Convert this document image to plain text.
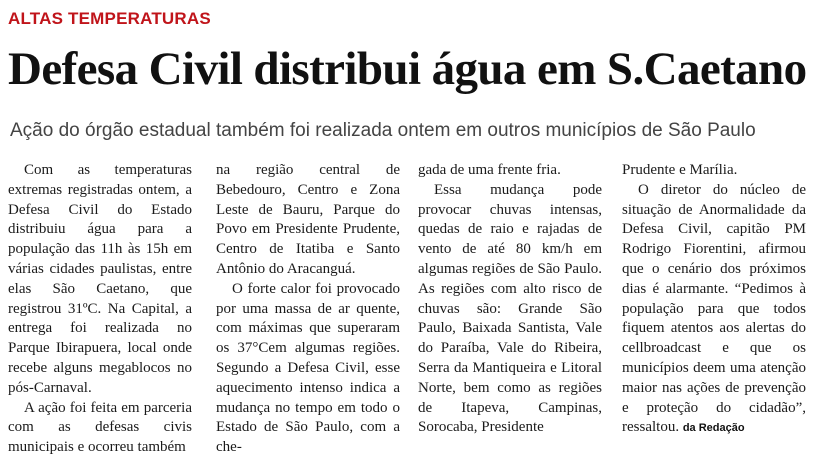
ALTAS TEMPERATURAS
Defesa Civil distribui água em S.Caetano
Ação do órgão estadual também foi realizada ontem em outros municípios de São Paulo

Com as temperaturas extremas registradas ontem, a Defesa Civil do Estado distribuiu água para a população das 11h às 15h em várias cidades paulistas, entre elas São Caetano, que registrou 31ºC. Na Capital, a entrega foi realizada no Parque Ibirapuera, local onde recebe alguns megablocos no pós-Carnaval.

A ação foi feita em parceria com as defesas civis municipais e ocorreu também

na região central de Bebedouro, Centro e Zona Leste de Bauru, Parque do Povo em Presidente Prudente, Centro de Itatiba e Santo Antônio do Aracanguá.

O forte calor foi provocado por uma massa de ar quente, com máximas que superaram os 37°Cem algumas regiões. Segundo a Defesa Civil, esse aquecimento intenso indica a mudança no tempo em todo o Estado de São Paulo, com a che-

gada de uma frente fria.

Essa mudança pode provocar chuvas intensas, quedas de raio e rajadas de vento de até 80 km/h em algumas regiões de São Paulo. As regiões com alto risco de chuvas são: Grande São Paulo, Baixada Santista, Vale do Paraíba, Vale do Ribeira, Serra da Mantiqueira e Litoral Norte, bem como as regiões de Itapeva, Campinas, Sorocaba, Presidente

Prudente e Marília.

O diretor do núcleo de situação de Anormalidade da Defesa Civil, capitão PM Rodrigo Fiorentini, afirmou que o cenário dos próximos dias é alarmante. “Pedimos à população para que todos fiquem atentos aos alertas do cellbroadcast e que os municípios deem uma atenção maior nas ações de prevenção e proteção do cidadão”, ressaltou. da Redação
